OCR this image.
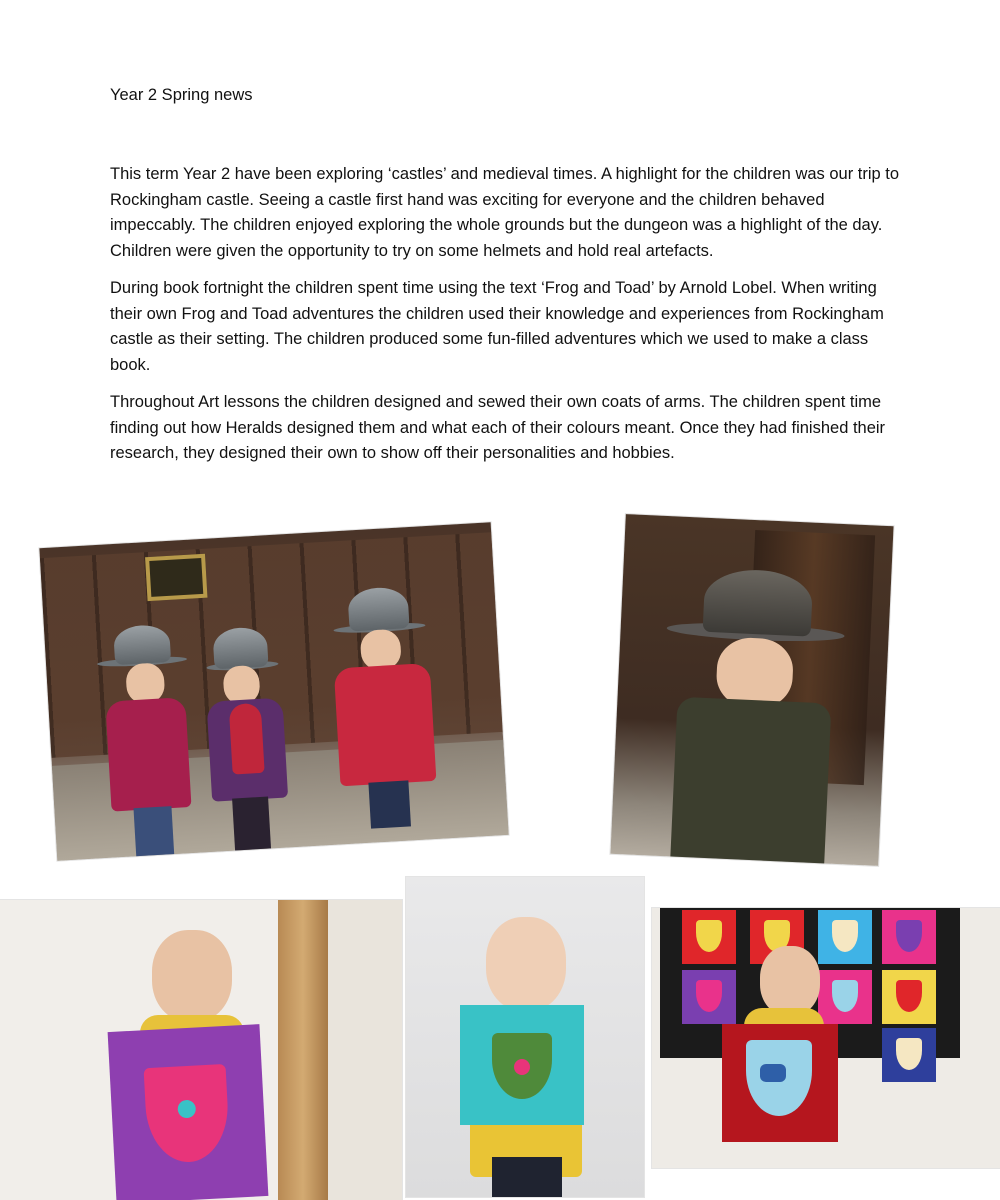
Year 2 Spring news

This term Year 2 have been exploring ‘castles’ and medieval times. A highlight for the children was our trip to Rockingham castle. Seeing a castle first hand was exciting for everyone and the children behaved impeccably. The children enjoyed exploring the whole grounds but the dungeon was a highlight of the day. Children were given the opportunity to try on some helmets and hold real artefacts.

During book fortnight the children spent time using the text ‘Frog and Toad’ by Arnold Lobel. When writing their own Frog and Toad adventures the children used their knowledge and experiences from Rockingham castle as their setting. The children produced some fun-filled adventures which we used to make a class book.

Throughout Art lessons the children designed and sewed their own coats of arms. The children spent time finding out how Heralds designed them and what each of their colours meant. Once they had finished their research, they designed their own to show off their personalities and hobbies.
